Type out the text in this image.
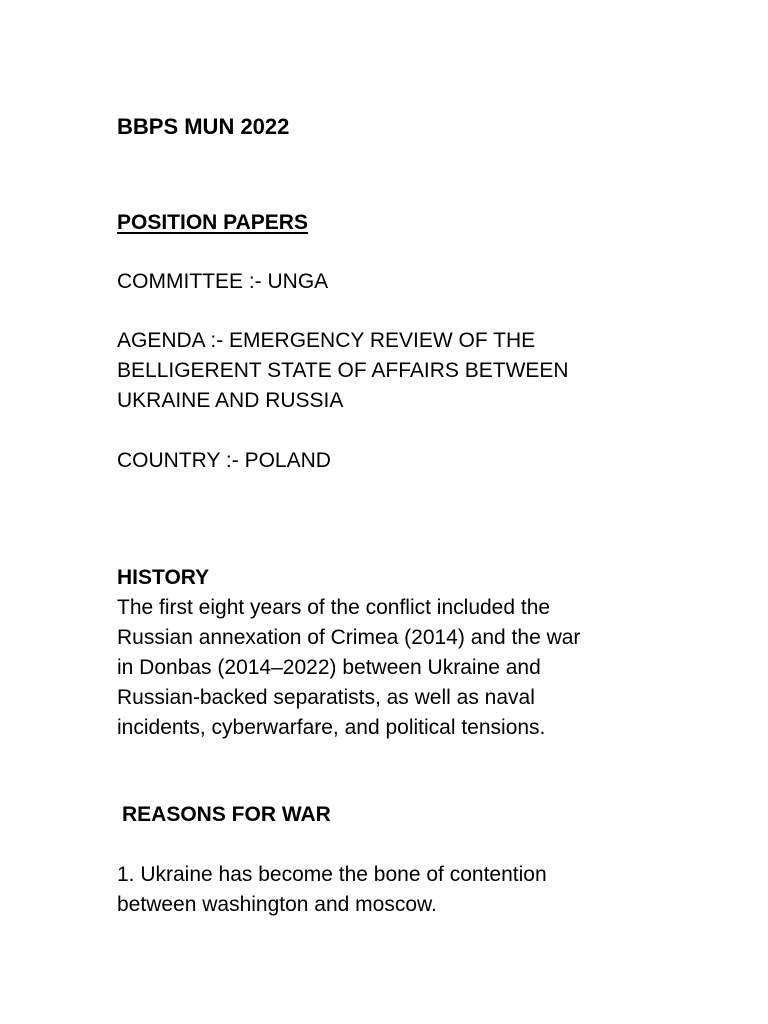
BBPS MUN 2022

POSITION PAPERS

COMMITTEE :- UNGA

AGENDA :- EMERGENCY REVIEW OF THE

BELLIGERENT STATE OF AFFAIRS BETWEEN

UKRAINE AND RUSSIA

COUNTRY :- POLAND

HISTORY

The first eight years of the conflict included the

Russian annexation of Crimea (2014) and the war

in Donbas (2014–2022) between Ukraine and

Russian-backed separatists, as well as naval

incidents, cyberwarfare, and political tensions.

REASONS FOR WAR

1. Ukraine has become the bone of contention

between washington and moscow.
